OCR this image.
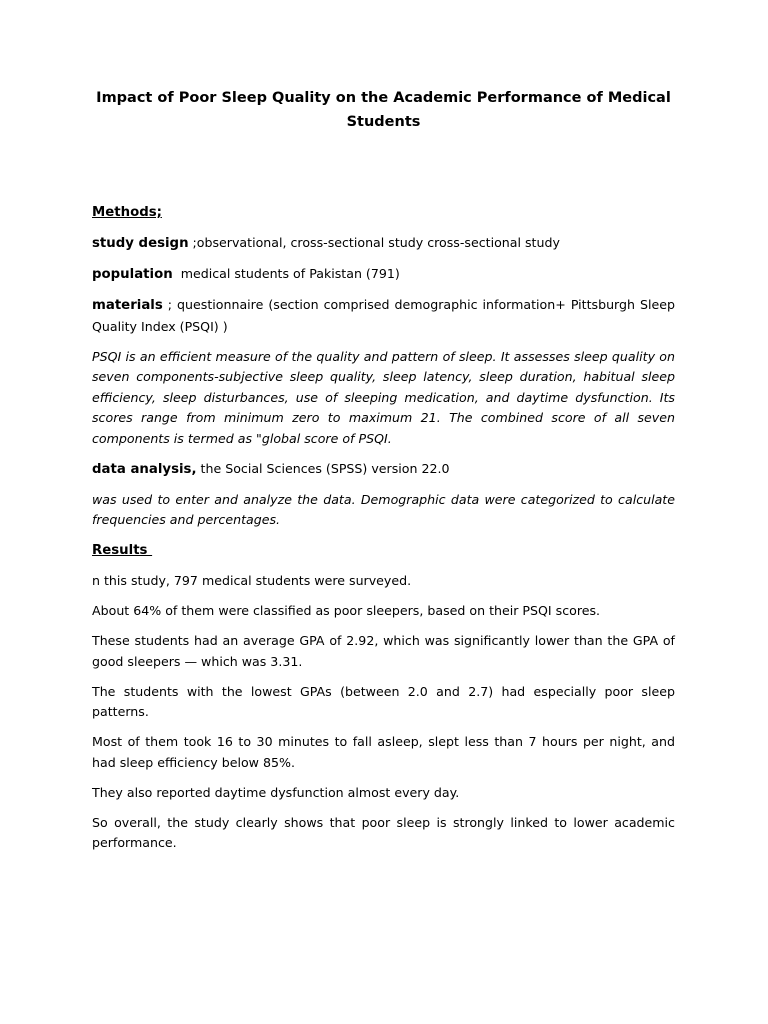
Impact of Poor Sleep Quality on the Academic Performance of Medical Students

Methods;

study design ;observational, cross-sectional study cross-sectional study

population  medical students of Pakistan (791)

materials ; questionnaire (section comprised demographic information+ Pittsburgh Sleep Quality Index (PSQI) )

PSQI is an efficient measure of the quality and pattern of sleep. It assesses sleep quality on seven components-subjective sleep quality, sleep latency, sleep duration, habitual sleep efficiency, sleep disturbances, use of sleeping medication, and daytime dysfunction. Its scores range from minimum zero to maximum 21. The combined score of all seven components is termed as "global score of PSQI.

data analysis, the Social Sciences (SPSS) version 22.0

was used to enter and analyze the data. Demographic data were categorized to calculate frequencies and percentages.

Results

n this study, 797 medical students were surveyed.

About 64% of them were classified as poor sleepers, based on their PSQI scores.

These students had an average GPA of 2.92, which was significantly lower than the GPA of good sleepers — which was 3.31.

The students with the lowest GPAs (between 2.0 and 2.7) had especially poor sleep patterns.

Most of them took 16 to 30 minutes to fall asleep, slept less than 7 hours per night, and had sleep efficiency below 85%.

They also reported daytime dysfunction almost every day.

So overall, the study clearly shows that poor sleep is strongly linked to lower academic performance.
